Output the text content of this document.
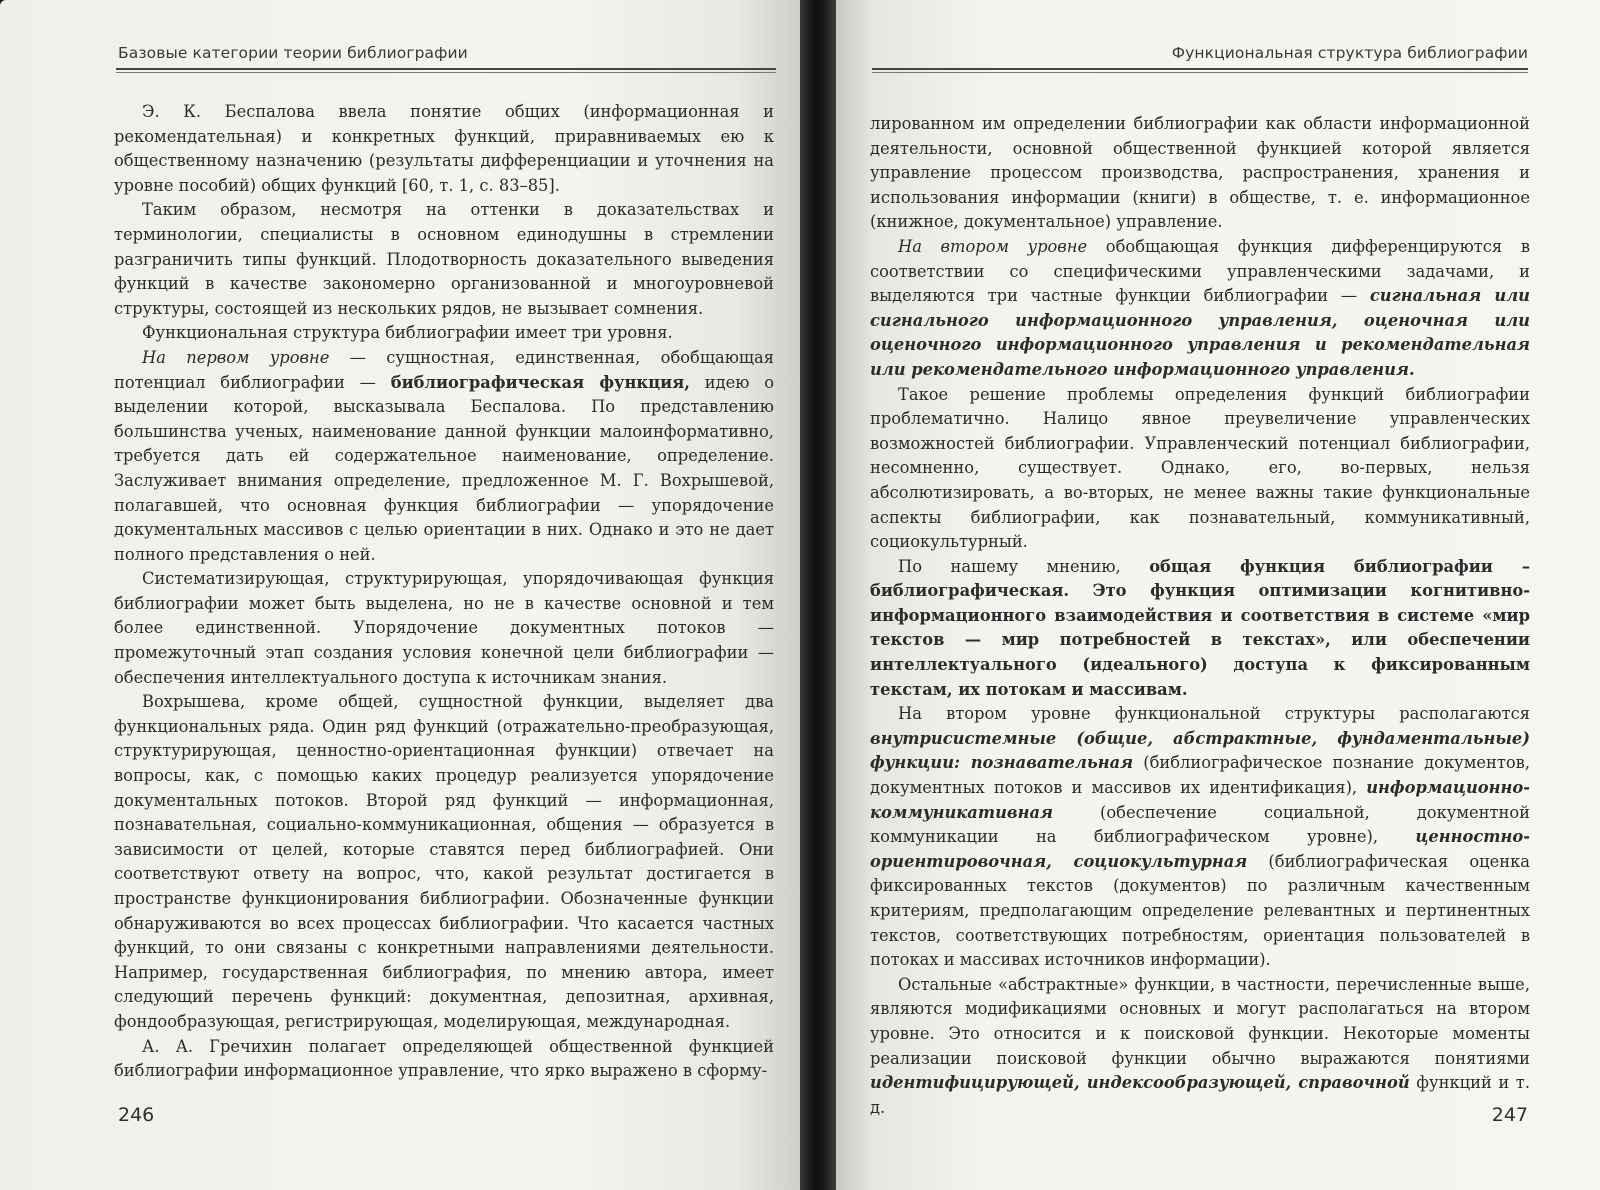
Базовые категории теории библиографии

Э. К. Беспалова ввела понятие общих (информационная и рекомендательная) и конкретных функций, приравниваемых ею к общественному назначению (результаты дифференциации и уточнения на уровне пособий) общих функций [60, т. 1, с. 83–85].

Таким образом, несмотря на оттенки в доказательствах и терминологии, специалисты в основном единодушны в стремлении разграничить типы функций. Плодотворность доказательного выведения функций в качестве закономерно организованной и многоуровневой структуры, состоящей из нескольких рядов, не вызывает сомнения.

Функциональная структура библиографии имеет три уровня.

На первом уровне — сущностная, единственная, обобщающая потенциал библиографии — библиографическая функция, идею о выделении которой, высказывала Беспалова. По представлению большинства ученых, наименование данной функции малоинформативно, требуется дать ей содержательное наименование, определение. Заслуживает внимания определение, предложенное М. Г. Вохрышевой, полагавшей, что основная функция библиографии — упорядочение документальных массивов с целью ориентации в них. Однако и это не дает полного представления о ней.

Систематизирующая, структурирующая, упорядочивающая функция библиографии может быть выделена, но не в качестве основной и тем более единственной. Упорядочение документных потоков — промежуточный этап создания условия конечной цели библиографии — обеспечения интеллектуального доступа к источникам знания.

Вохрышева, кроме общей, сущностной функции, выделяет два функциональных ряда. Один ряд функций (отражательно-преобразующая, структурирующая, ценностно-ориентационная функции) отвечает на вопросы, как, с помощью каких процедур реализуется упорядочение документальных потоков. Второй ряд функций — информационная, познавательная, социально-коммуникационная, общения — образуется в зависимости от целей, которые ставятся перед библиографией. Они соответствуют ответу на вопрос, что, какой результат достигается в пространстве функционирования библиографии. Обозначенные функции обнаруживаются во всех процессах библиографии. Что касается частных функций, то они связаны с конкретными направлениями деятельности. Например, государственная библиография, по мнению автора, имеет следующий перечень функций: документная, депозитная, архивная, фондообразующая, регистрирующая, моделирующая, международная.

А. А. Гречихин полагает определяющей общественной функцией библиографии информационное управление, что ярко выражено в сформу-

246
Функциональная структура библиографии

лированном им определении библиографии как области информационной деятельности, основной общественной функцией которой является управление процессом производства, распространения, хранения и использования информации (книги) в обществе, т. е. информационное (книжное, документальное) управление.

На втором уровне обобщающая функция дифференцируются в соответствии со специфическими управленческими задачами, и выделяются три частные функции библиографии — сигнальная или сигнального информационного управления, оценочная или оценочного информационного управления и рекомендательная или рекомендательного информационного управления.

Такое решение проблемы определения функций библиографии проблематично. Налицо явное преувеличение управленческих возможностей библиографии. Управленческий потенциал библиографии, несомненно, существует. Однако, его, во-первых, нельзя абсолютизировать, а во-вторых, не менее важны такие функциональные аспекты библиографии, как познавательный, коммуникативный, социокультурный.

По нашему мнению, общая функция библиографии – библиографическая. Это функция оптимизации когнитивно-информационного взаимодействия и соответствия в системе «мир текстов — мир потребностей в текстах», или обеспечении интеллектуального (идеального) доступа к фиксированным текстам, их потокам и массивам.

На втором уровне функциональной структуры располагаются внутрисистемные (общие, абстрактные, фундаментальные) функции: познавательная (библиографическое познание документов, документных потоков и массивов их идентификация), информационно-коммуникативная (обеспечение социальной, документной коммуникации на библиографическом уровне), ценностно-ориентировочная, социокультурная (библиографическая оценка фиксированных текстов (документов) по различным качественным критериям, предполагающим определение релевантных и пертинентных текстов, соответствующих потребностям, ориентация пользователей в потоках и массивах источников информации).

Остальные «абстрактные» функции, в частности, перечисленные выше, являются модификациями основных и могут располагаться на втором уровне. Это относится и к поисковой функции. Некоторые моменты реализации поисковой функции обычно выражаются понятиями идентифицирующей, индексообразующей, справочной функций и т. д.	247
